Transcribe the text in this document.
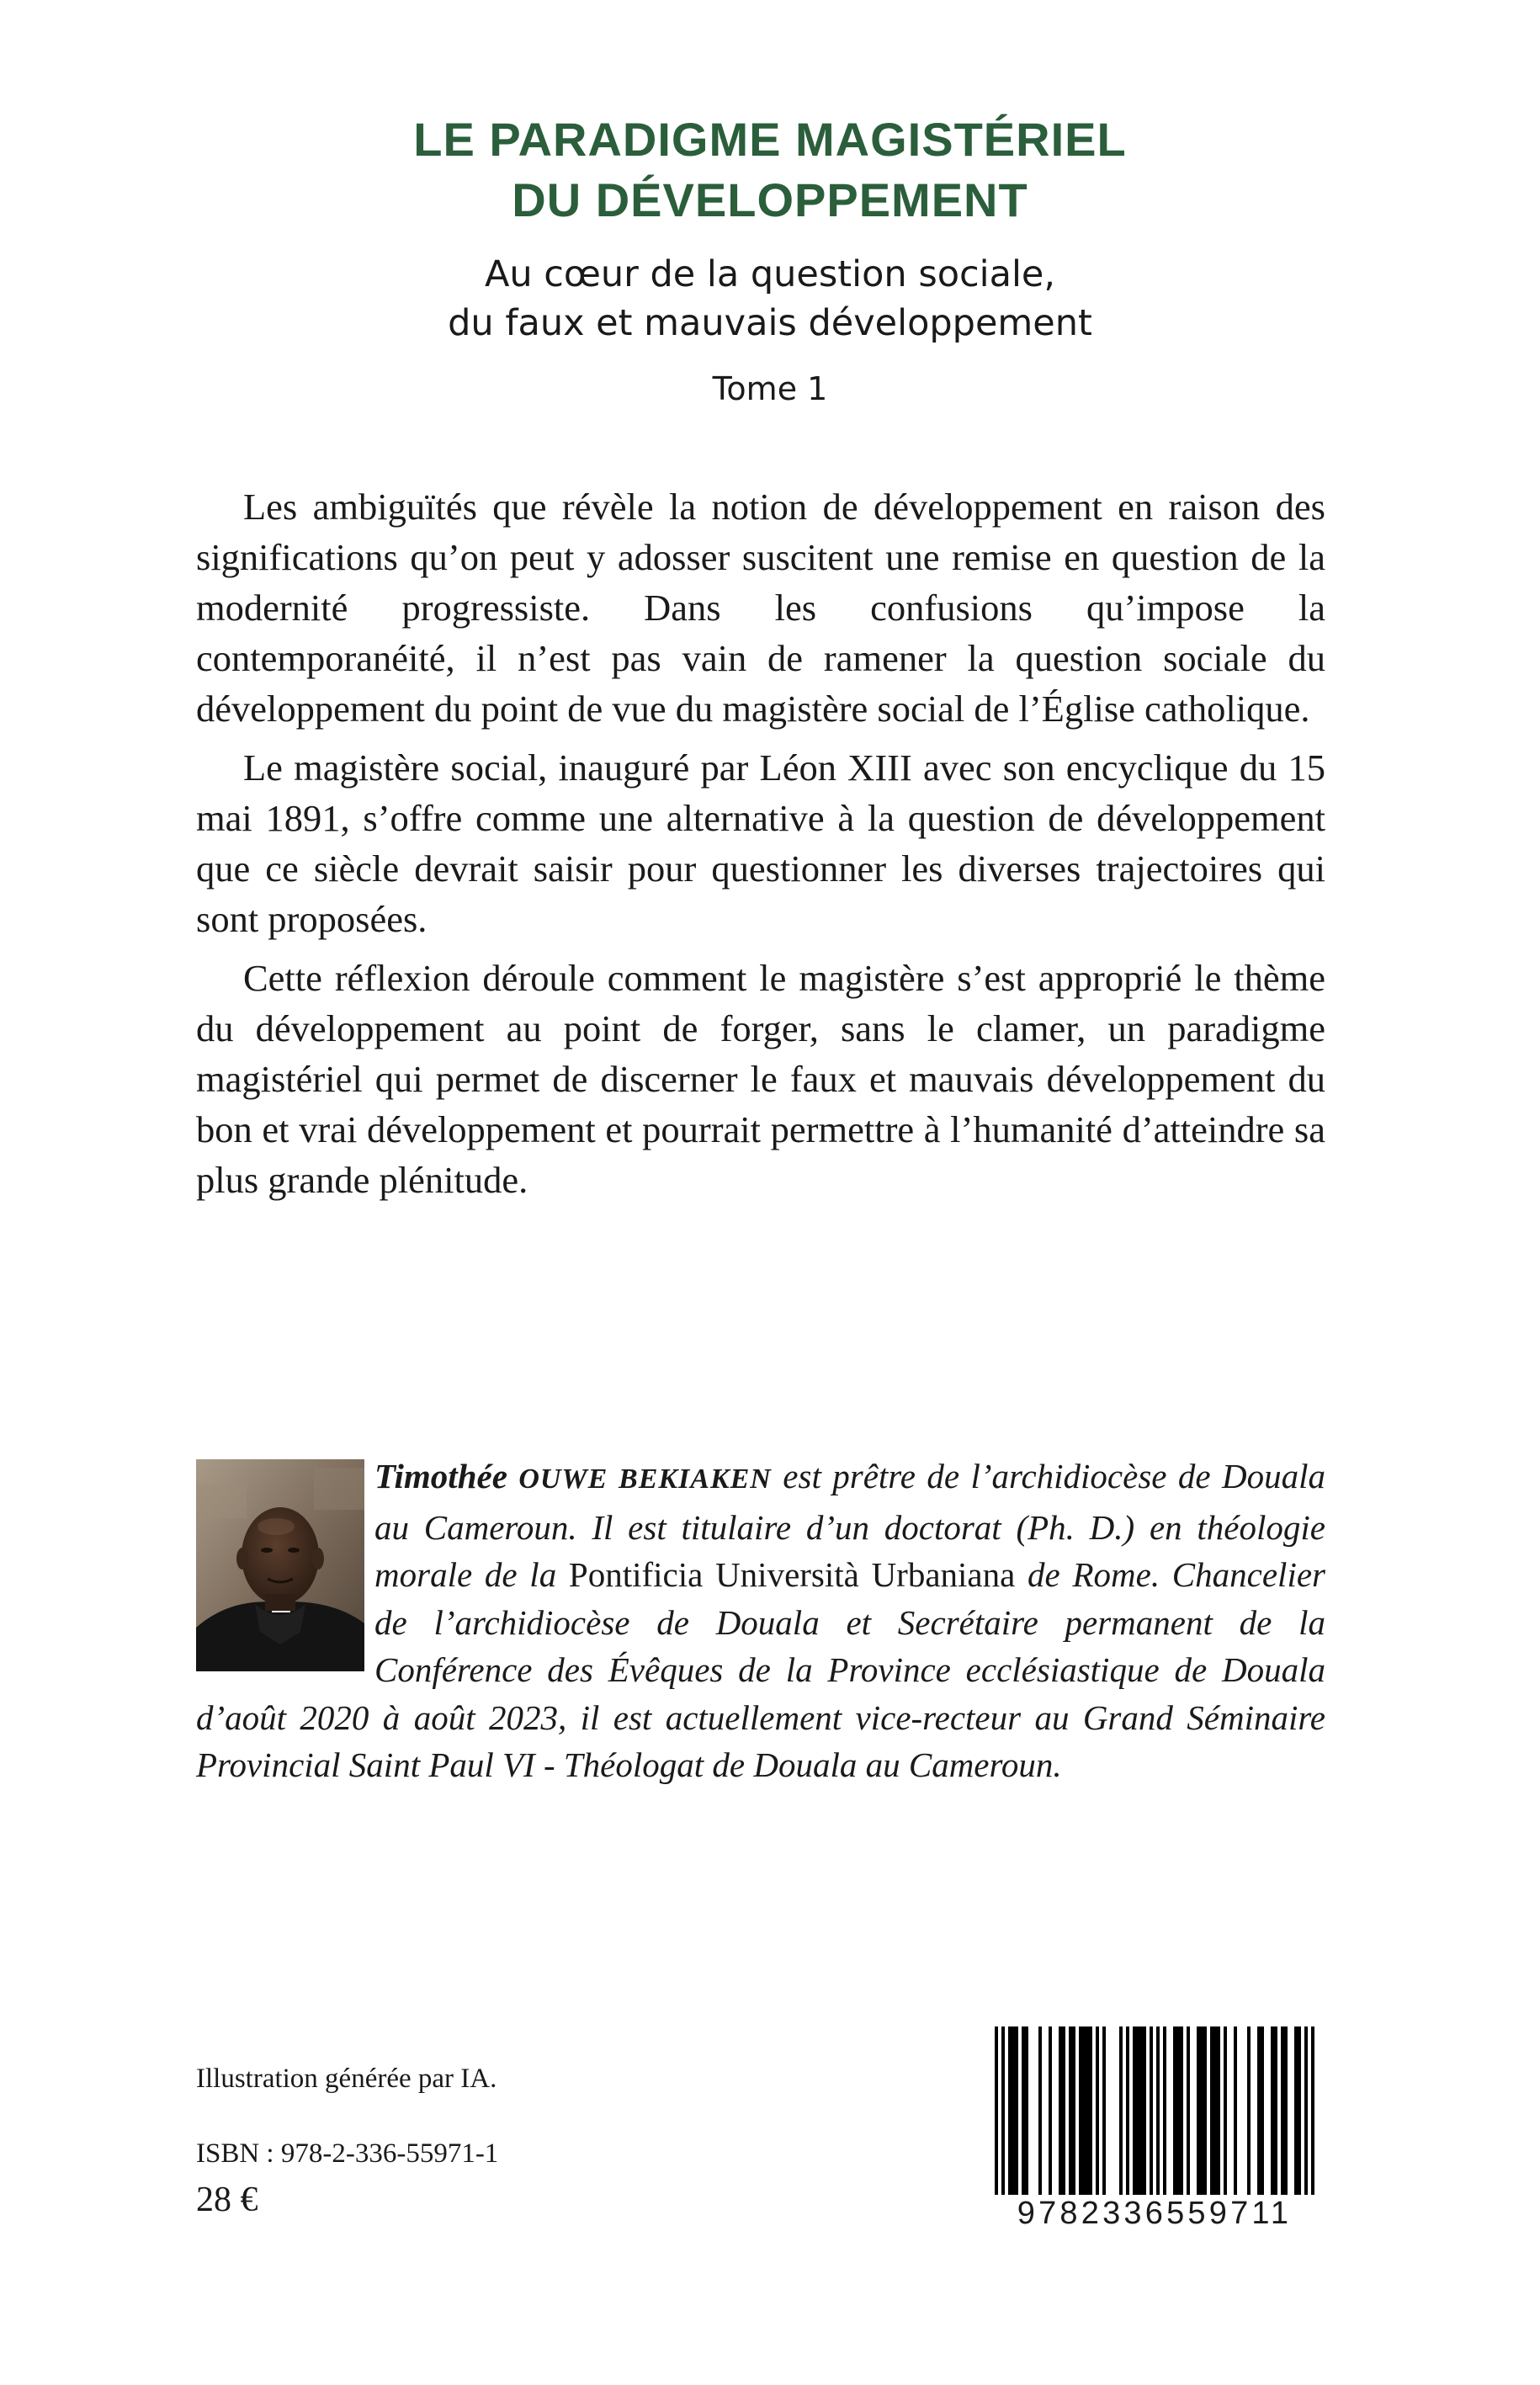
LE PARADIGME MAGISTÉRIEL
DU DÉVELOPPEMENT
Au cœur de la question sociale,
du faux et mauvais développement
Tome 1

Les ambiguïtés que révèle la notion de développement en raison des significations qu’on peut y adosser suscitent une remise en question de la modernité progressiste. Dans les confusions qu’impose la contemporanéité, il n’est pas vain de ramener la question sociale du développement du point de vue du magistère social de l’Église catholique.

Le magistère social, inauguré par Léon XIII avec son encyclique du 15 mai 1891, s’offre comme une alternative à la question de développement que ce siècle devrait saisir pour questionner les diverses trajectoires qui sont proposées.

Cette réflexion déroule comment le magistère s’est approprié le thème du développement au point de forger, sans le clamer, un paradigme magistériel qui permet de discerner le faux et mauvais développement du bon et vrai développement et pourrait permettre à l’humanité d’atteindre sa plus grande plénitude.

Timothée OUWE BEKIAKEN est prêtre de l’archidiocèse de Douala au Cameroun. Il est titulaire d’un doctorat (Ph. D.) en théologie morale de la Pontificia Università Urbaniana de Rome. Chancelier de l’archidiocèse de Douala et Secrétaire permanent de la Conférence des Évêques de la Province ecclésiastique de Douala d’août 2020 à août 2023, il est actuellement vice-recteur au Grand Séminaire Provincial Saint Paul VI - Théologat de Douala au Cameroun.
Illustration générée par IA.
ISBN : 978-2-336-55971-1
28 €	9782336559711
